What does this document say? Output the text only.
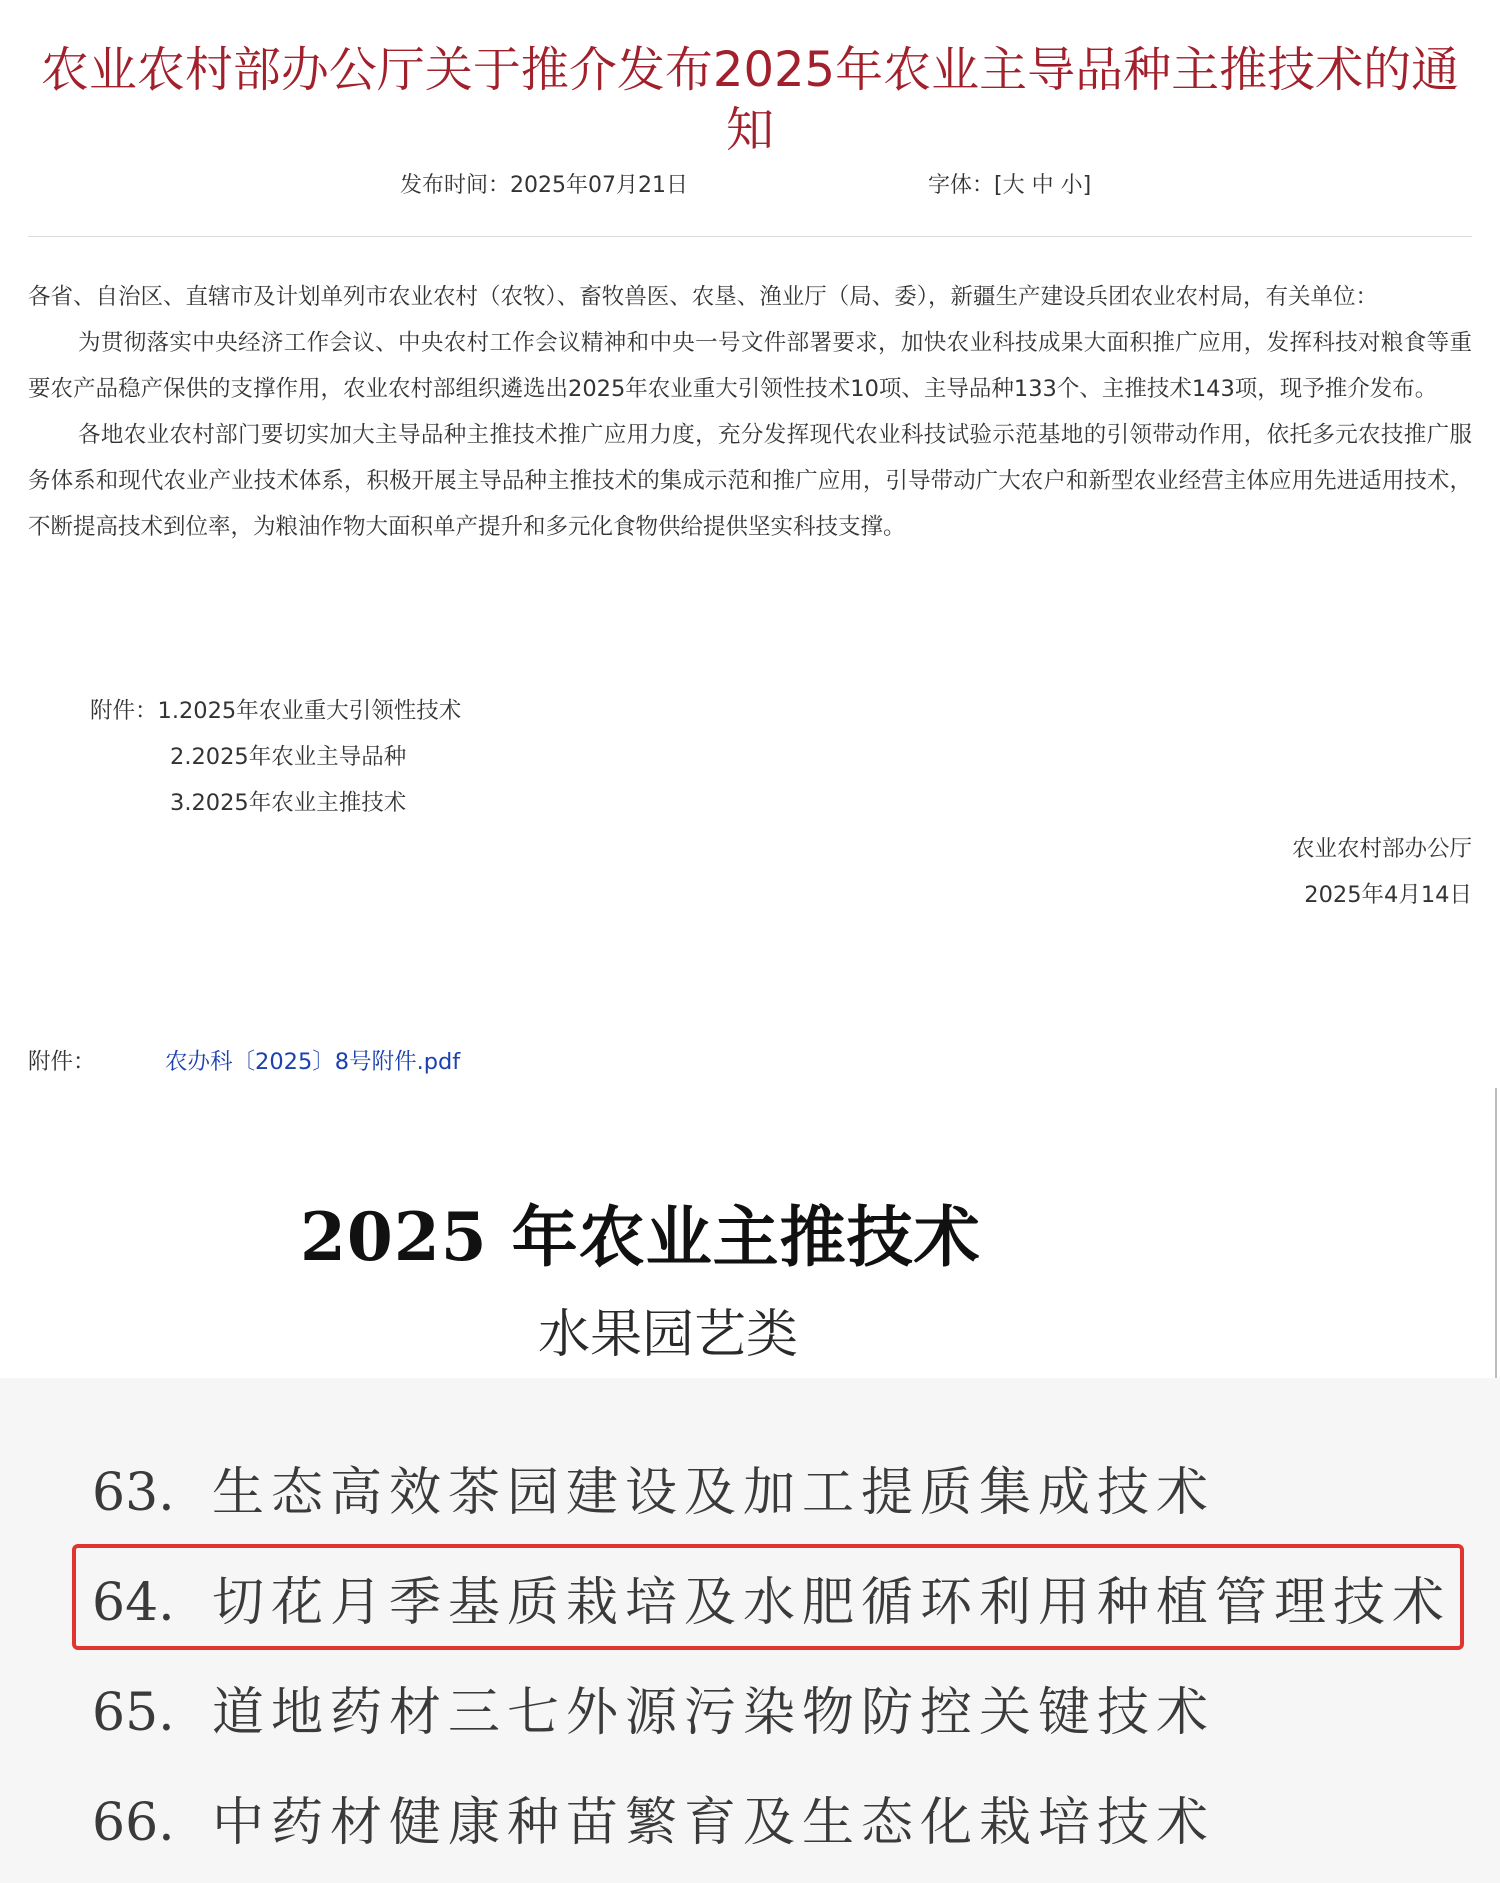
农业农村部办公厅关于推介发布2025年农业主导品种主推技术的通知
发布时间：2025年07月21日	字体：[大 中 小]

各省、自治区、直辖市及计划单列市农业农村（农牧）、畜牧兽医、农垦、渔业厅（局、委），新疆生产建设兵团农业农村局，有关单位：

为贯彻落实中央经济工作会议、中央农村工作会议精神和中央一号文件部署要求，加快农业科技成果大面积推广应用，发挥科技对粮食等重要农产品稳产保供的支撑作用，农业农村部组织遴选出2025年农业重大引领性技术10项、主导品种133个、主推技术143项，现予推介发布。

各地农业农村部门要切实加大主导品种主推技术推广应用力度，充分发挥现代农业科技试验示范基地的引领带动作用，依托多元农技推广服务体系和现代农业产业技术体系，积极开展主导品种主推技术的集成示范和推广应用，引导带动广大农户和新型农业经营主体应用先进适用技术，不断提高技术到位率，为粮油作物大面积单产提升和多元化食物供给提供坚实科技支撑。

附件：1.2025年农业重大引领性技术
2.2025年农业主导品种
3.2025年农业主推技术
农业农村部办公厅
2025年4月14日
附件：	农办科〔2025〕8号附件.pdf
2025 年农业主推技术
水果园艺类
63. 生态高效茶园建设及加工提质集成技术
64. 切花月季基质栽培及水肥循环利用种植管理技术
65. 道地药材三七外源污染物防控关键技术
66. 中药材健康种苗繁育及生态化栽培技术
